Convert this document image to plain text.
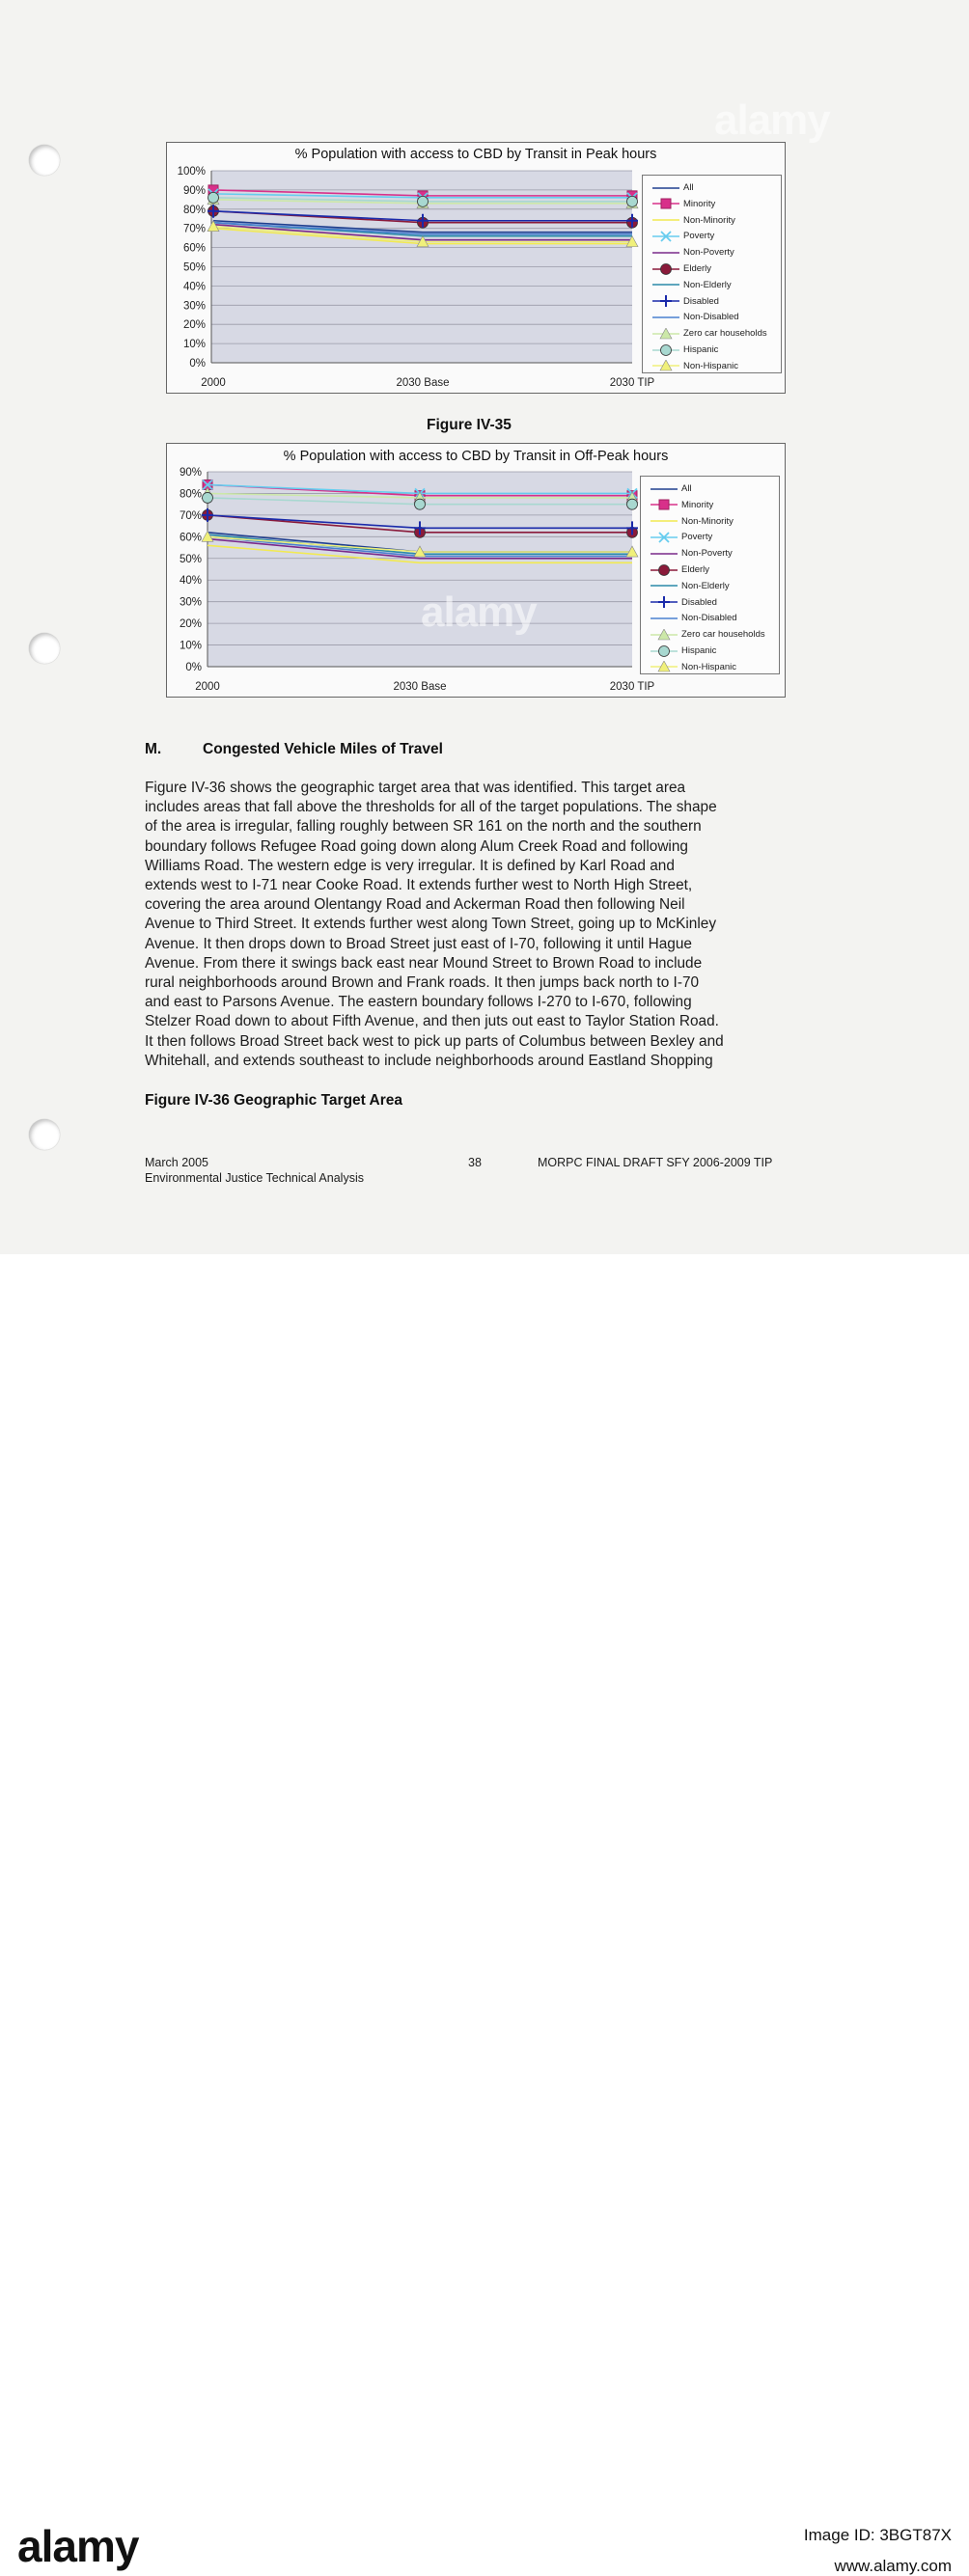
% Population with access to CBD by Transit in Peak hours
0%
10%
20%
30%
40%
50%
60%
70%
80%
90%
100%
2000	2030 Base	2030 TIP
All
Minority
Non-Minority
Poverty
Non-Poverty
Elderly
Non-Elderly
Disabled
Non-Disabled
Zero car households
Hispanic
Non-Hispanic
Figure IV-35
% Population with access to CBD by Transit in Off-Peak hours
0%
10%
20%
30%
40%
50%
60%
70%
80%
90%
2000	2030 Base	2030 TIP
All
Minority
Non-Minority
Poverty
Non-Poverty
Elderly
Non-Elderly
Disabled
Non-Disabled
Zero car households
Hispanic
Non-Hispanic
M.	Congested Vehicle Miles of Travel
Figure IV-36 shows the geographic target area that was identified. This target area
includes areas that fall above the thresholds for all of the target populations. The shape
of the area is irregular, falling roughly between SR 161 on the north and the southern
boundary follows Refugee Road going down along Alum Creek Road and following
Williams Road. The western edge is very irregular. It is defined by Karl Road and
extends west to I-71 near Cooke Road. It extends further west to North High Street,
covering the area around Olentangy Road and Ackerman Road then following Neil
Avenue to Third Street. It extends further west along Town Street, going up to McKinley
Avenue. It then drops down to Broad Street just east of I-70, following it until Hague
Avenue. From there it swings back east near Mound Street to Brown Road to include
rural neighborhoods around Brown and Frank roads. It then jumps back north to I-70
and east to Parsons Avenue. The eastern boundary follows I-270 to I-670, following
Stelzer Road down to about Fifth Avenue, and then juts out east to Taylor Station Road.
It then follows Broad Street back west to pick up parts of Columbus between Bexley and
Whitehall, and extends southeast to include neighborhoods around Eastland Shopping
Figure IV-36 Geographic Target Area
March 2005
Environmental Justice Technical Analysis
38	MORPC FINAL DRAFT SFY 2006-2009 TIP
alamy
alamy
alamy	Image ID: 3BGT87X
www.alamy.com
